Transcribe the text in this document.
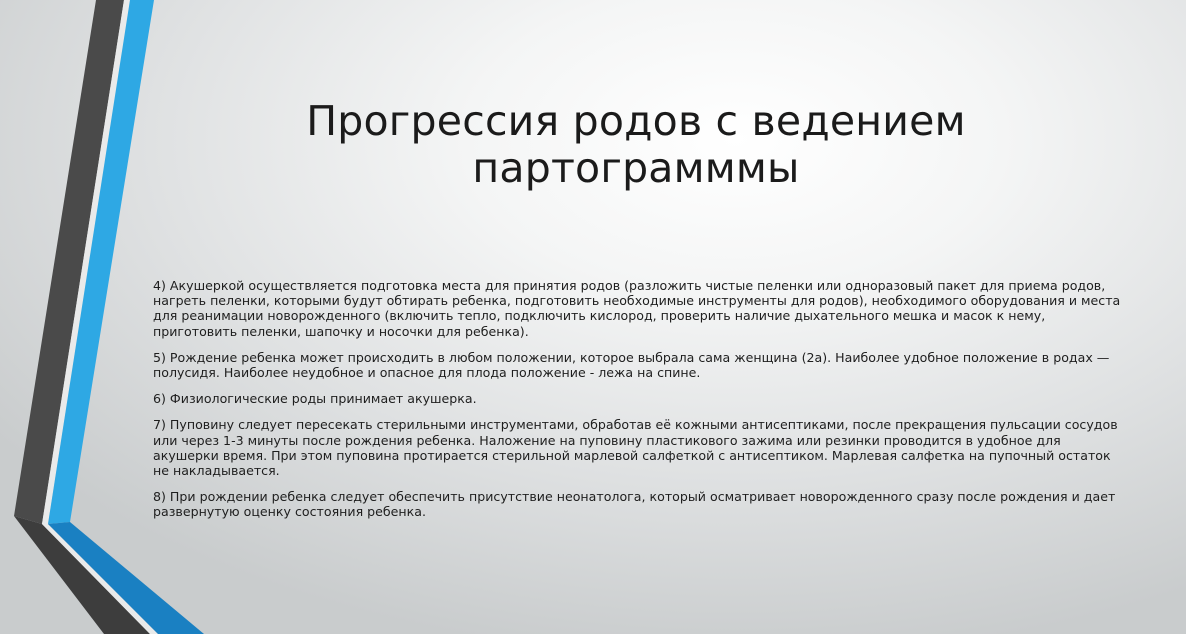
Прогрессия родов с ведением партограмммы

4) Акушеркой осуществляется подготовка места для принятия родов (разложить чистые пеленки или одноразовый пакет для приема родов, нагреть пеленки, которыми будут обтирать ребенка, подготовить необходимые инструменты для родов), необходимого оборудования и места для реанимации новорожденного (включить тепло, подключить кислород, проверить наличие дыхательного мешка и масок к нему, приготовить пеленки, шапочку и носочки для ребенка).

5) Рождение ребенка может происходить в любом положении, которое выбрала сама женщина (2а). Наиболее удобное положение в родах — полусидя. Наиболее неудобное и опасное для плода положение - лежа на спине.

6) Физиологические роды принимает акушерка.

7) Пуповину следует пересекать стерильными инструментами, обработав её кожными антисептиками, после прекращения пульсации сосудов или через 1-3 минуты после рождения ребенка. Наложение на пуповину пластикового зажима или резинки проводится в удобное для акушерки время. При этом пуповина протирается стерильной марлевой салфеткой с антисептиком. Марлевая салфетка на пупочный остаток не накладывается.

8) При рождении ребенка следует обеспечить присутствие неонатолога, который осматривает новорожденного сразу после рождения и дает развернутую оценку состояния ребенка.
